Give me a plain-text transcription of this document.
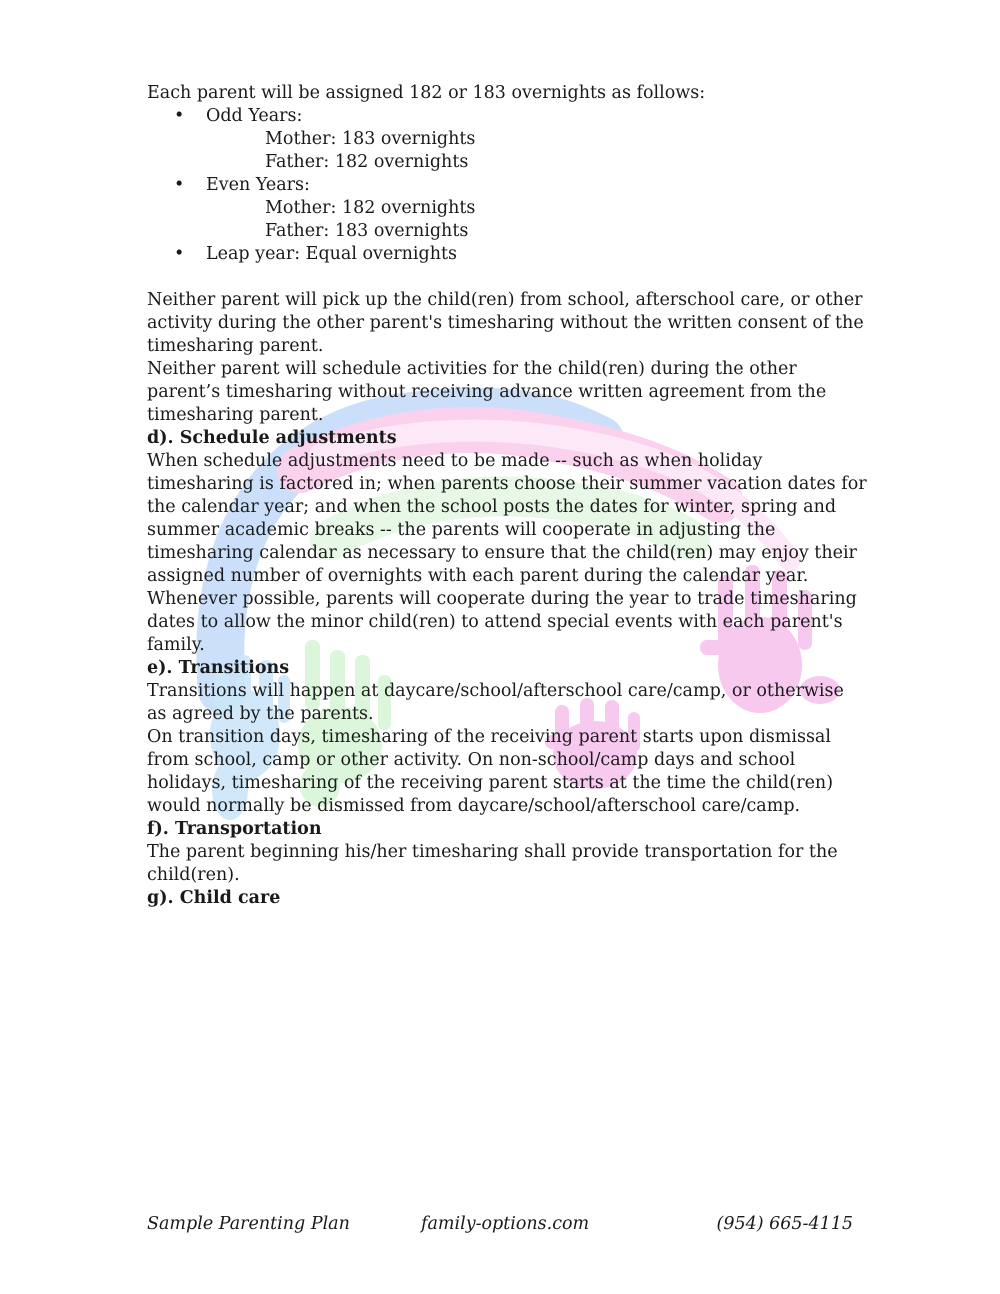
Each parent will be assigned 182 or 183 overnights as follows:

• Odd Years:
Mother: 183 overnights
Father: 182 overnights
• Even Years:
Mother: 182 overnights
Father: 183 overnights
• Leap year: Equal overnights

Neither parent will pick up the child(ren) from school, afterschool care, or other activity during the other parent's timesharing without the written consent of the timesharing parent.

Neither parent will schedule activities for the child(ren) during the other parent’s timesharing without receiving advance written agreement from the timesharing parent.

d). Schedule adjustments

When schedule adjustments need to be made -- such as when holiday timesharing is factored in; when parents choose their summer vacation dates for the calendar year; and when the school posts the dates for winter, spring and summer academic breaks -- the parents will cooperate in adjusting the timesharing calendar as necessary to ensure that the child(ren) may enjoy their assigned number of overnights with each parent during the calendar year.

Whenever possible, parents will cooperate during the year to trade timesharing dates to allow the minor child(ren) to attend special events with each parent's family.

e). Transitions

Transitions will happen at daycare/school/afterschool care/camp, or otherwise as agreed by the parents.

On transition days, timesharing of the receiving parent starts upon dismissal from school, camp or other activity. On non-school/camp days and school holidays, timesharing of the receiving parent starts at the time the child(ren) would normally be dismissed from daycare/school/afterschool care/camp.

f). Transportation

The parent beginning his/her timesharing shall provide transportation for the child(ren).

g). Child care

Sample Parenting Plan	family-options.com	(954) 665-4115
